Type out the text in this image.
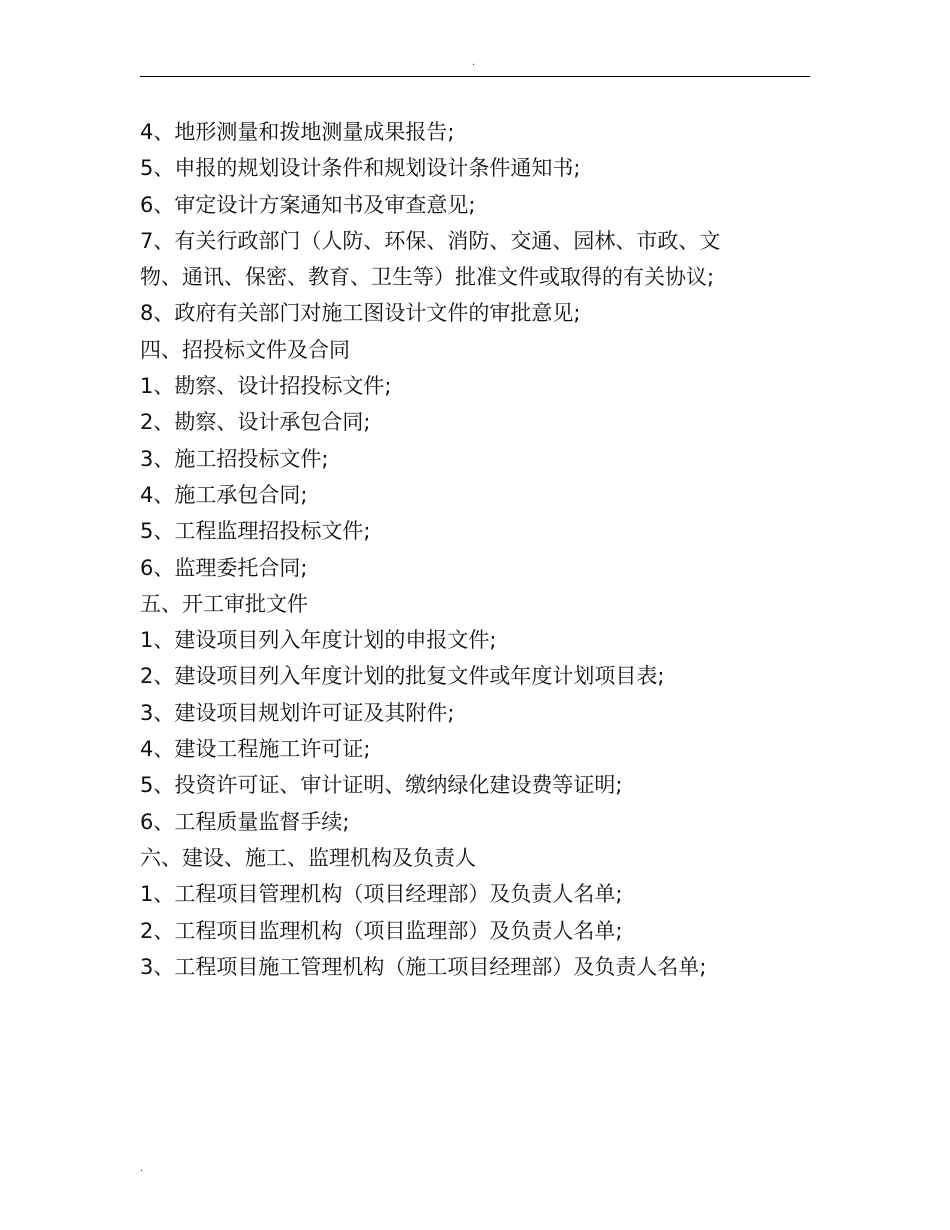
.
4、地形测量和拨地测量成果报告;
5、申报的规划设计条件和规划设计条件通知书;
6、审定设计方案通知书及审查意见;
7、有关行政部门（人防、环保、消防、交通、园林、市政、文
物、通讯、保密、教育、卫生等）批准文件或取得的有关协议;
8、政府有关部门对施工图设计文件的审批意见;
四、招投标文件及合同
1、勘察、设计招投标文件;
2、勘察、设计承包合同;
3、施工招投标文件;
4、施工承包合同;
5、工程监理招投标文件;
6、监理委托合同;
五、开工审批文件
1、建设项目列入年度计划的申报文件;
2、建设项目列入年度计划的批复文件或年度计划项目表;
3、建设项目规划许可证及其附件;
4、建设工程施工许可证;
5、投资许可证、审计证明、缴纳绿化建设费等证明;
6、工程质量监督手续;
六、建设、施工、监理机构及负责人
1、工程项目管理机构（项目经理部）及负责人名单;
2、工程项目监理机构（项目监理部）及负责人名单;
3、工程项目施工管理机构（施工项目经理部）及负责人名单;
.
